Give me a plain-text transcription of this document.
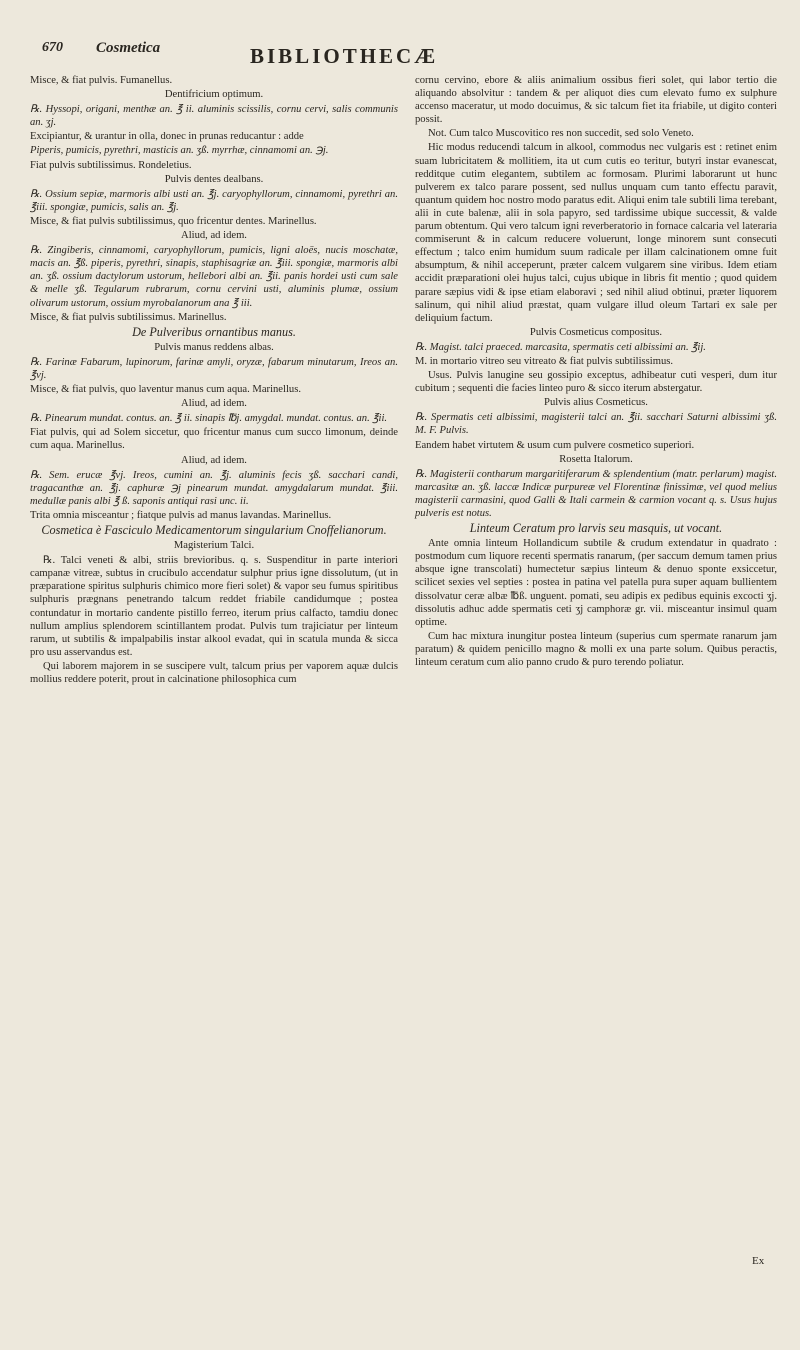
670 Cosmetica	BIBLIOTHECÆ

Misce, & fiat pulvis. Fumanellus.

Dentifricium optimum.

℞. Hyssopi, origani, menthæ an. ℥ ii. aluminis scissilis, cornu cervi, salis communis an. ʒj.

Excipiantur, & urantur in olla, donec in prunas reducantur : adde

Piperis, pumicis, pyrethri, masticis an. ʒß. myrrhæ, cinnamomi an. ℈j.

Fiat pulvis subtilissimus. Rondeletius.

Pulvis dentes dealbans.

℞. Ossium sepiæ, marmoris albi usti an. ℥j. caryophyllorum, cinnamomi, pyrethri an. ℥iii. spongiæ, pumicis, salis an. ℥j.

Misce, & fiat pulvis subtilissimus, quo fricentur dentes. Marinellus.

Aliud, ad idem.

℞. Zingiberis, cinnamomi, caryophyllorum, pumicis, ligni aloës, nucis moschatæ, macis an. ℥ß. piperis, pyrethri, sinapis, staphisagriæ an. ℥iii. spongiæ, marmoris albi an. ʒß. ossium dactylorum ustorum, hellebori albi an. ℥ii. panis hordei usti cum sale & melle ʒß. Tegularum rubrarum, cornu cervini usti, aluminis plumæ, ossium olivarum ustorum, ossium myrobalanorum ana ℥ iii.

Misce, & fiat pulvis subtilissimus. Marinellus.

De Pulveribus ornantibus manus.

Pulvis manus reddens albas.

℞. Farinæ Fabarum, lupinorum, farinæ amyli, oryzæ, fabarum minutarum, Ireos an. ℥vj.

Misce, & fiat pulvis, quo laventur manus cum aqua. Marinellus.

Aliud, ad idem.

℞. Pinearum mundat. contus. an. ℥ ii. sinapis ℔j. amygdal. mundat. contus. an. ℥ii.

Fiat pulvis, qui ad Solem siccetur, quo fricentur manus cum succo limonum, deinde cum aqua. Marinellus.

Aliud, ad idem.

℞. Sem. erucæ ℥vj. Ireos, cumini an. ℥j. aluminis fecis ʒß. sacchari candi, tragacanthæ an. ℥j. caphuræ ℈j pinearum mundat. amygdalarum mundat. ℥iii. medullæ panis albi ℥ ß. saponis antiqui rasi unc. ii.

Trita omnia misceantur ; fiatque pulvis ad manus lavandas. Marinellus.

Cosmetica è Fasciculo Medicamentorum singularium Cnoffelianorum.

Magisterium Talci.

℞. Talci veneti & albi, striis brevioribus. q. s. Suspenditur in parte interiori campanæ vitreæ, subtus in crucibulo accendatur sulphur prius igne dissolutum, (ut in præparatione spiritus sulphuris chimico more fieri solet) & vapor seu fumus spiritibus sulphuris prægnans penetrando talcum reddet friabile candidumque ; postea contundatur in mortario candente pistillo ferreo, iterum prius calfacto, tamdiu donec nullum amplius splendorem scintillantem prodat. Pulvis tum trajiciatur per linteum rarum, ut subtilis & impalpabilis instar alkool evadat, qui in scatula munda & sicca pro usu asservandus est.

Qui laborem majorem in se suscipere vult, talcum prius per vaporem aquæ dulcis mollius reddere poterit, prout in calcinatione philosophica cum

cornu cervino, ebore & aliis animalium ossibus fieri solet, qui labor tertio die aliquando absolvitur : tandem & per aliquot dies cum elevato fumo ex sulphure accenso maceratur, ut modo docuimus, & sic talcum fiet ita friabile, ut digito conteri possit.

Not. Cum talco Muscovitico res non succedit, sed solo Veneto.

Hic modus reducendi talcum in alkool, commodus nec vulgaris est : retinet enim suam lubricitatem & mollitiem, ita ut cum cutis eo teritur, butyri instar evanescat, redditque cutim elegantem, subtilem ac formosam. Plurimi laborarunt ut hunc pulverem ex talco parare possent, sed nullus unquam cum tanto effectu paravit, quantum quidem hoc nostro modo paratus edit. Aliqui enim tale subtili lima terebant, alii in cute balenæ, alii in sola papyro, sed tardissime ubique successit, & valde parum obtentum. Qui vero talcum igni reverberatorio in fornace calcaria vel lateraria commiserunt & in calcum reducere voluerunt, longe minorem sunt consecuti effectum ; talco enim humidum suum radicale per illam calcinationem omne fuit absumptum, & nihil acceperunt, præter calcem vulgarem sine viribus. Idem etiam accidit præparationi olei hujus talci, cujus ubique in libris fit mentio ; quod quidem parare sæpius vidi & ipse etiam elaboravi ; sed nihil aliud obtinui, præter liquorem salinum, qui nihil aliud præstat, quam vulgare illud oleum Tartari ex sale per deliquium factum.

Pulvis Cosmeticus compositus.

℞. Magist. talci praeced. marcasita, spermatis ceti albissimi an. ℥ij.

M. in mortario vitreo seu vitreato & fiat pulvis subtilissimus.

Usus. Pulvis lanugine seu gossipio exceptus, adhibeatur cuti vesperi, dum itur cubitum ; sequenti die facies linteo puro & sicco iterum abstergatur.

Pulvis alius Cosmeticus.

℞. Spermatis ceti albissimi, magisterii talci an. ℥ii. sacchari Saturni albissimi ʒß. M. F. Pulvis.

Eandem habet virtutem & usum cum pulvere cosmetico superiori.

Rosetta Italorum.

℞. Magisterii contharum margaritiferarum & splendentium (matr. perlarum) magist. marcasitæ an. ʒß. laccæ Indicæ purpureæ vel Florentinæ finissimæ, vel quod melius magisterii carmasini, quod Galli & Itali carmein & carmion vocant q. s. Usus hujus pulveris est notus.

Linteum Ceratum pro larvis seu masquis, ut vocant.

Ante omnia linteum Hollandicum subtile & crudum extendatur in quadrato : postmodum cum liquore recenti spermatis ranarum, (per saccum demum tamen prius absque igne transcolati) humectetur sæpius linteum & denuo sponte exsiccetur, scilicet sexies vel septies : postea in patina vel patella pura super aquam bullientem dissolvatur ceræ albæ ℔ß. unguent. pomati, seu adipis ex pedibus equinis excocti ʒj. dissolutis adhuc adde spermatis ceti ʒj camphoræ gr. vii. misceantur insimul quam optime.

Cum hac mixtura inungitur postea linteum (superius cum spermate ranarum jam paratum) & quidem penicillo magno & molli ex una parte solum. Quibus peractis, linteum ceratum cum alio panno crudo & puro terendo poliatur.

Ex
